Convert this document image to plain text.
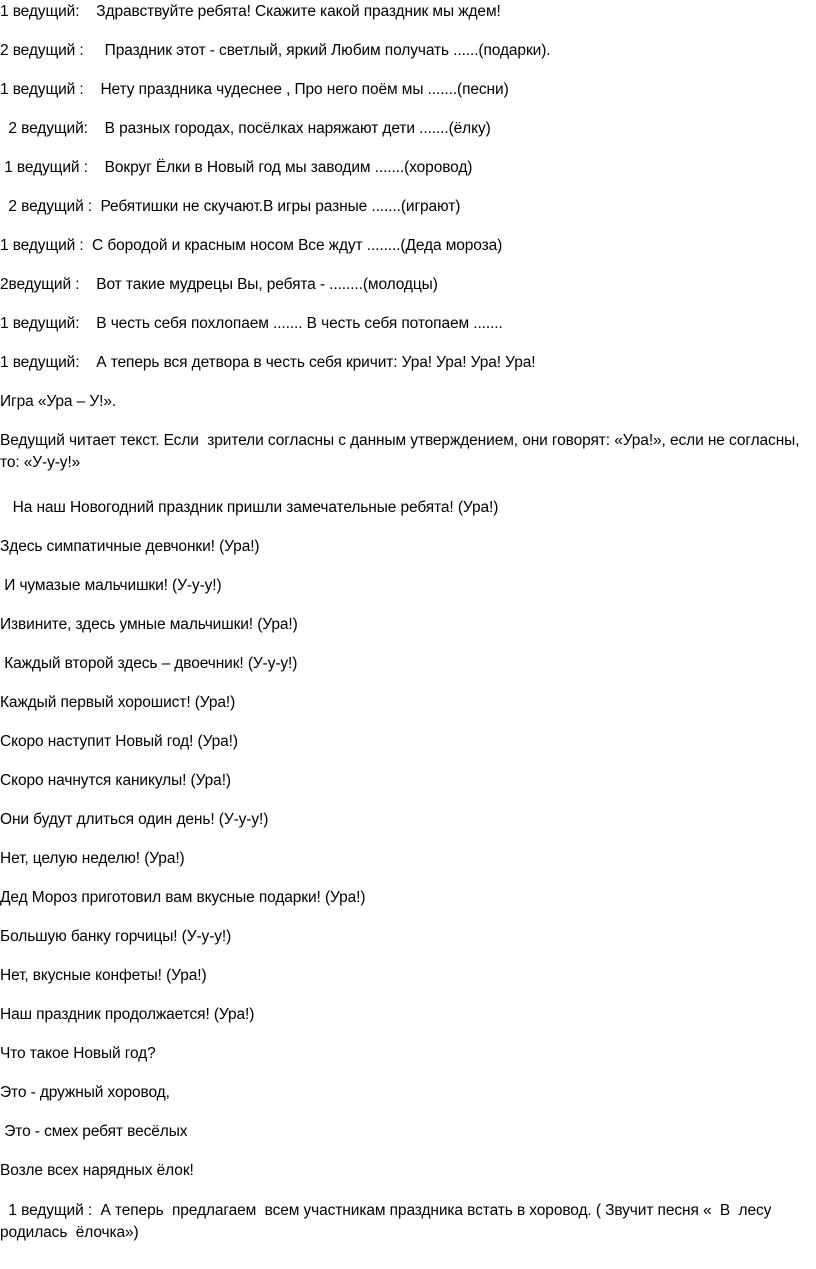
1 ведущий:    Здравствуйте ребята! Скажите какой праздник мы ждем!
2 ведущий :     Праздник этот - светлый, яркий Любим получать ......(подарки).
1 ведущий :    Нету праздника чудеснее , Про него поём мы .......(песни)
2 ведущий:    В разных городах, посёлках наряжают дети .......(ёлку)
1 ведущий :    Вокруг Ёлки в Новый год мы заводим .......(хоровод)
2 ведущий :  Ребятишки не скучают.В игры разные .......(играют)
1 ведущий :  С бородой и красным носом Все ждут ........(Деда мороза)
2ведущий :    Вот такие мудрецы Вы, ребята - ........(молодцы)
1 ведущий:    В честь себя похлопаем ....... В честь себя потопаем .......
1 ведущий:    А теперь вся детвора в честь себя кричит: Ура! Ура! Ура! Ура!
Игра «Ура – У!».
Ведущий читает текст. Если  зрители согласны с данным утверждением, они говорят: «Ура!», если не согласны, то: «У-у-у!»
На наш Новогодний праздник пришли замечательные ребята! (Ура!)
Здесь симпатичные девчонки! (Ура!)
И чумазые мальчишки! (У-у-у!)
Извините, здесь умные мальчишки! (Ура!)
Каждый второй здесь – двоечник! (У-у-у!)
Каждый первый хорошист! (Ура!)
Скоро наступит Новый год! (Ура!)
Скоро начнутся каникулы! (Ура!)
Они будут длиться один день! (У-у-у!)
Нет, целую неделю! (Ура!)
Дед Мороз приготовил вам вкусные подарки! (Ура!)
Большую банку горчицы! (У-у-у!)
Нет, вкусные конфеты! (Ура!)
Наш праздник продолжается! (Ура!)
Что такое Новый год?
Это - дружный хоровод,
Это - смех ребят весёлых
Возле всех нарядных ёлок!
1 ведущий :  А теперь  предлагаем  всем участникам праздника встать в хоровод. ( Звучит песня «  В  лесу  родилась  ёлочка»)
